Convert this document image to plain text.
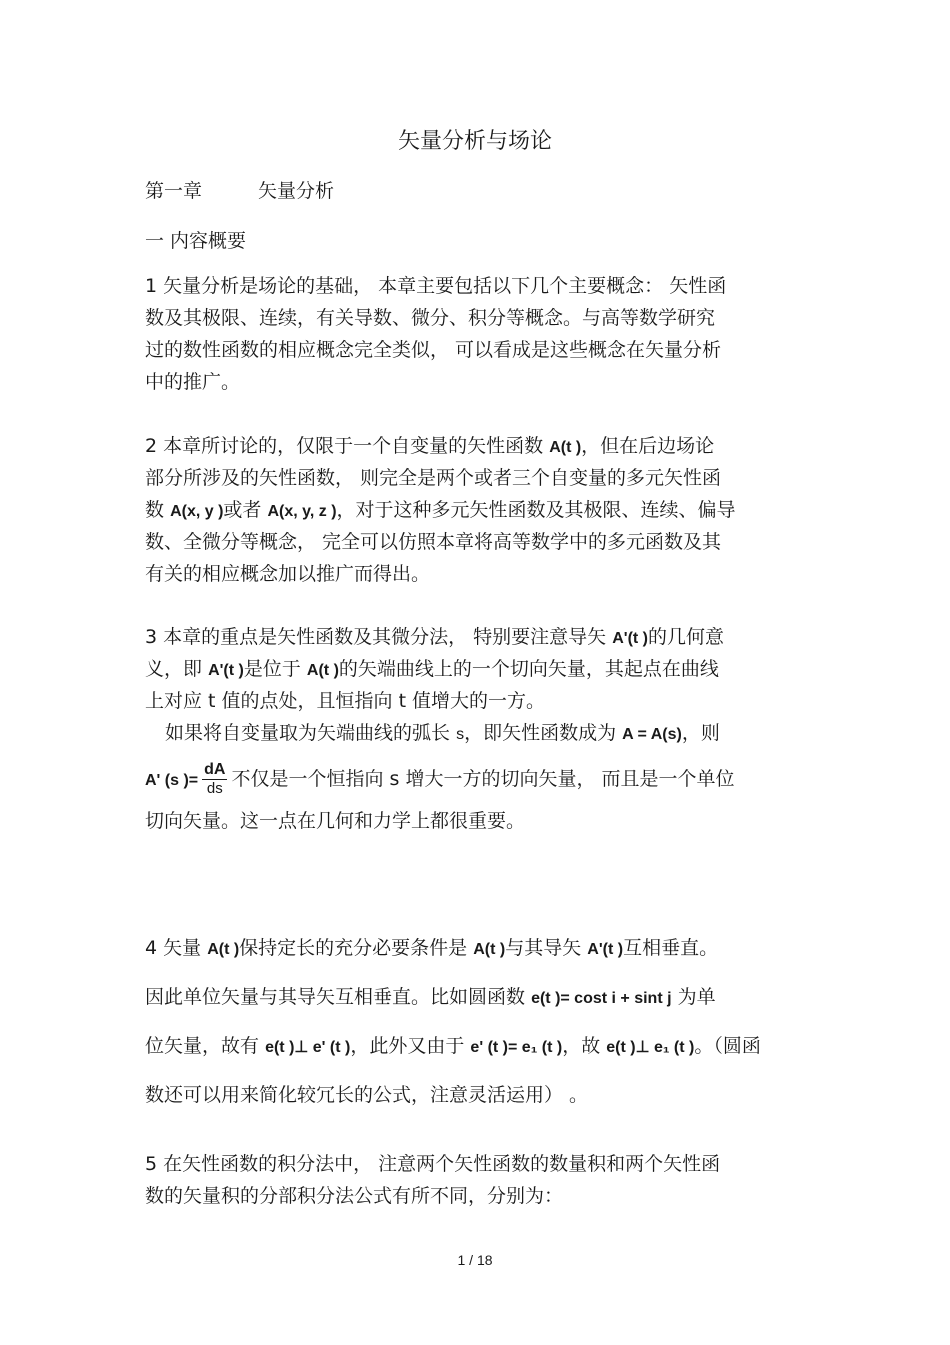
矢量分析与场论
第一章	矢量分析
一 内容概要
1 矢量分析是场论的基础， 本章主要包括以下几个主要概念： 矢性函
数及其极限、连续，有关导数、微分、积分等概念。与高等数学研究
过的数性函数的相应概念完全类似， 可以看成是这些概念在矢量分析
中的推广。
2 本章所讨论的，仅限于一个自变量的矢性函数 A(t )，但在后边场论
部分所涉及的矢性函数， 则完全是两个或者三个自变量的多元矢性函
数 A(x, y )或者 A(x, y, z )，对于这种多元矢性函数及其极限、连续、偏导
数、全微分等概念， 完全可以仿照本章将高等数学中的多元函数及其
有关的相应概念加以推广而得出。
3 本章的重点是矢性函数及其微分法， 特别要注意导矢 A'(t )的几何意
义，即 A'(t )是位于 A(t )的矢端曲线上的一个切向矢量，其起点在曲线
上对应 t 值的点处，且恒指向 t 值增大的一方。
如果将自变量取为矢端曲线的弧长 s，即矢性函数成为 A = A(s)，则
A' (s )= $\frac{dA}{ds}$ 不仅是一个恒指向 s 增大一方的切向矢量， 而且是一个单位
切向矢量。这一点在几何和力学上都很重要。
4 矢量 A(t )保持定长的充分必要条件是 A(t )与其导矢 A'(t )互相垂直。
因此单位矢量与其导矢互相垂直。比如圆函数 e(t )= cost i + sint j 为单
位矢量，故有 e(t )⊥ e' (t )，此外又由于 e' (t )= e₁ (t )，故 e(t )⊥ e₁ (t )。（圆函
数还可以用来简化较冗长的公式，注意灵活运用） 。
5 在矢性函数的积分法中， 注意两个矢性函数的数量积和两个矢性函
数的矢量积的分部积分法公式有所不同，分别为：
1 / 18
